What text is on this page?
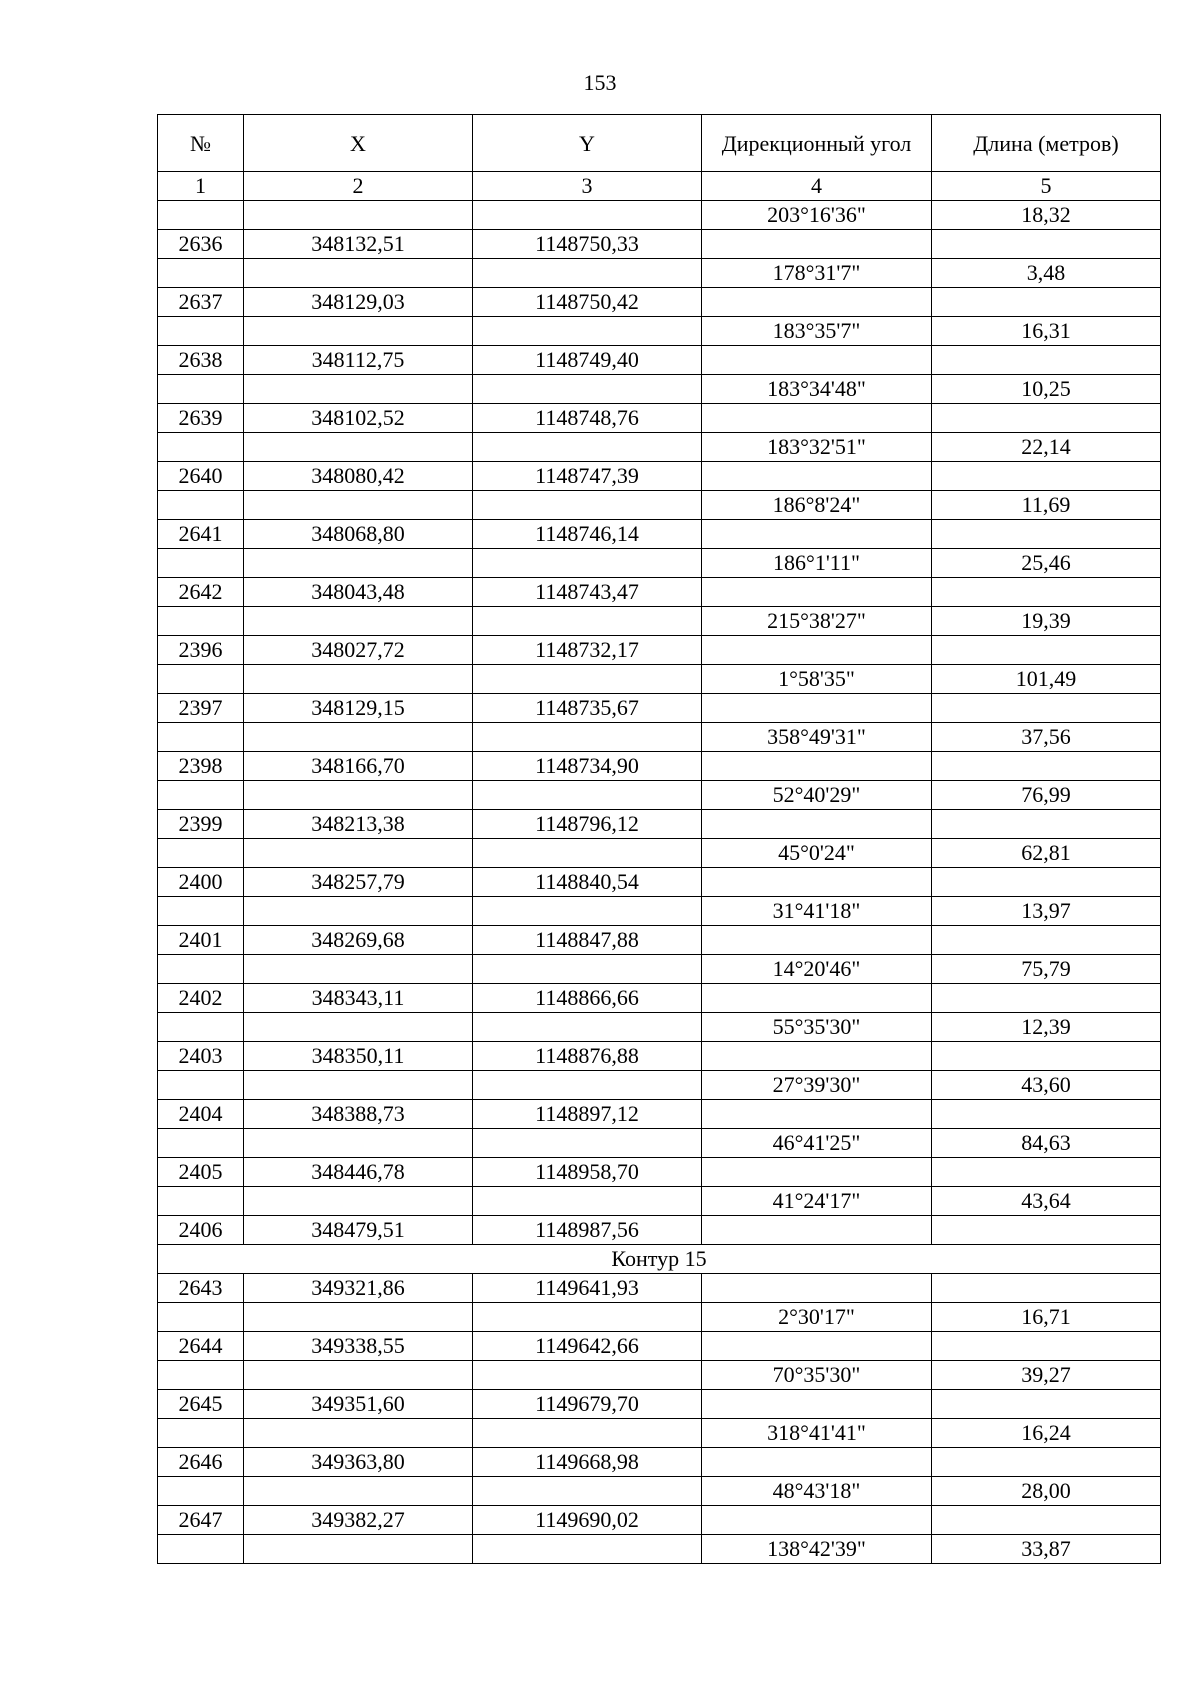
153
№	X	Y	Дирекционный угол	Длина (метров)
1	2	3	4	5
			203°16'36"	18,32
2636	348132,51	1148750,33		
			178°31'7"	3,48
2637	348129,03	1148750,42		
			183°35'7"	16,31
2638	348112,75	1148749,40		
			183°34'48"	10,25
2639	348102,52	1148748,76		
			183°32'51"	22,14
2640	348080,42	1148747,39		
			186°8'24"	11,69
2641	348068,80	1148746,14		
			186°1'11"	25,46
2642	348043,48	1148743,47		
			215°38'27"	19,39
2396	348027,72	1148732,17		
			1°58'35"	101,49
2397	348129,15	1148735,67		
			358°49'31"	37,56
2398	348166,70	1148734,90		
			52°40'29"	76,99
2399	348213,38	1148796,12		
			45°0'24"	62,81
2400	348257,79	1148840,54		
			31°41'18"	13,97
2401	348269,68	1148847,88		
			14°20'46"	75,79
2402	348343,11	1148866,66		
			55°35'30"	12,39
2403	348350,11	1148876,88		
			27°39'30"	43,60
2404	348388,73	1148897,12		
			46°41'25"	84,63
2405	348446,78	1148958,70		
			41°24'17"	43,64
2406	348479,51	1148987,56		
Контур 15				
2643	349321,86	1149641,93		
			2°30'17"	16,71
2644	349338,55	1149642,66		
			70°35'30"	39,27
2645	349351,60	1149679,70		
			318°41'41"	16,24
2646	349363,80	1149668,98		
			48°43'18"	28,00
2647	349382,27	1149690,02		
			138°42'39"	33,87
